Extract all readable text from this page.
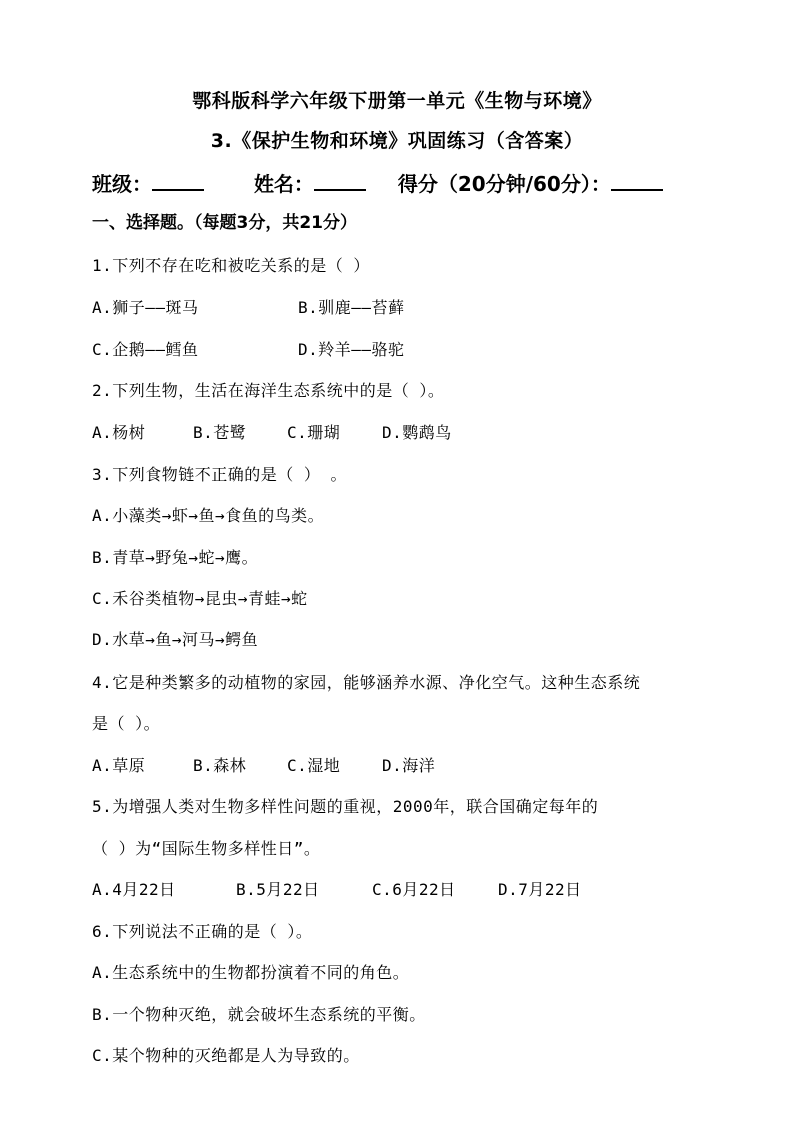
鄂科版科学六年级下册第一单元《生物与环境》
3.《保护生物和环境》巩固练习（含答案）
班级：	姓名：	得分（20分钟/60分）：
一、选择题。（每题3分，共21分）
1.下列不存在吃和被吃关系的是（ ）
A.狮子——斑马	B.驯鹿——苔藓
C.企鹅——鳕鱼	D.羚羊——骆驼
2.下列生物，生活在海洋生态系统中的是（ ）。
A.杨树	B.苍鹭	C.珊瑚	D.鹦鹉鸟
3.下列食物链不正确的是（ ） 。
A.小藻类→虾→鱼→食鱼的鸟类。
B.青草→野兔→蛇→鹰。
C.禾谷类植物→昆虫→青蛙→蛇
D.水草→鱼→河马→鳄鱼
4.它是种类繁多的动植物的家园，能够涵养水源、净化空气。这种生态系统
是（ ）。
A.草原	B.森林	C.湿地	D.海洋
5.为增强人类对生物多样性问题的重视，2000年，联合国确定每年的
（ ）为“国际生物多样性日”。
A.4月22日	B.5月22日	C.6月22日	D.7月22日
6.下列说法不正确的是（ ）。
A.生态系统中的生物都扮演着不同的角色。
B.一个物种灭绝，就会破坏生态系统的平衡。
C.某个物种的灭绝都是人为导致的。
